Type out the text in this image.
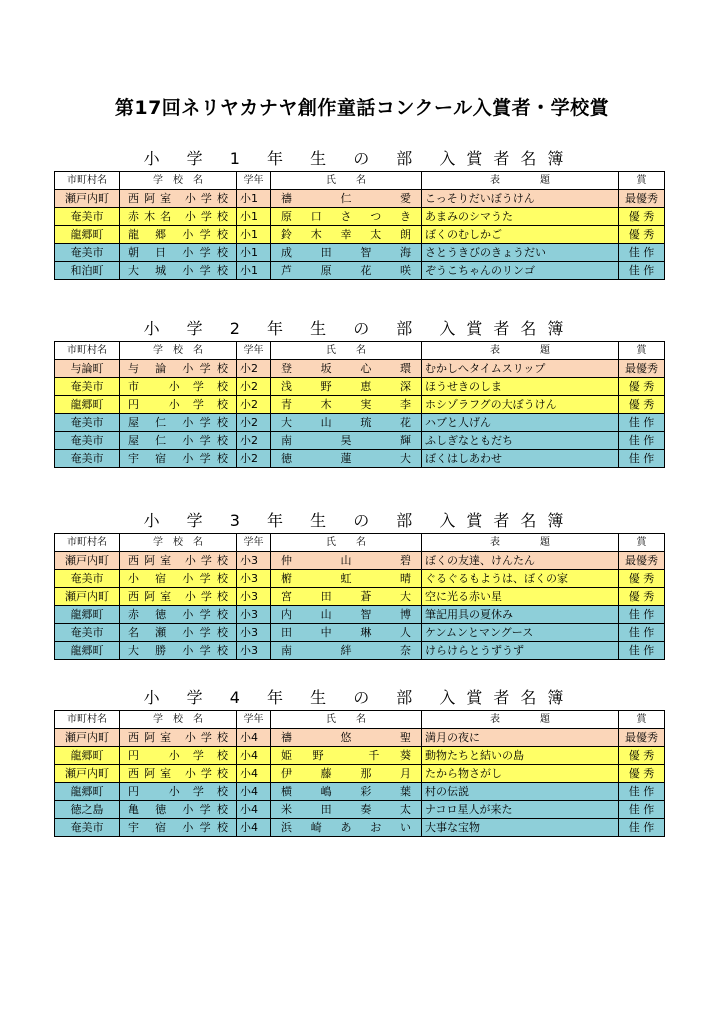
第17回ネリヤカナヤ創作童話コンクール入賞者・学校賞
小 学 1 年 生 の 部 入賞者名簿
市町村名	学　校　名	学年	氏　　名	表　　　　題	賞
瀬戸内町	西阿室 小学校	小1	禱 仁 愛	こっそりだいぼうけん	最優秀
奄美市	赤木名 小学校	小1	原 口 さ つ き	あまみのシマうた	優 秀
龍郷町	龍 郷 小学校	小1	鈴 木 幸 太 朗	ぼくのむしかご	優 秀
奄美市	朝 日 小学校	小1	成 田 智 海	さとうきびのきょうだい	佳 作
和泊町	大 城 小学校	小1	芦 原 花 咲	ぞうこちゃんのリンゴ	佳 作
小 学 2 年 生 の 部 入賞者名簿
市町村名	学　校　名	学年	氏　　名	表　　　　題	賞
与論町	与 論 小学校	小2	登 坂 心 環	むかしへタイムスリップ	最優秀
奄美市	市 小学校	小2	浅 野 恵 深	ほうせきのしま	優 秀
龍郷町	円 小学校	小2	青 木 実 李	ホシゾラフグの大ぼうけん	優 秀
奄美市	屋 仁 小学校	小2	大 山 琉 花	ハブと人げん	佳 作
奄美市	屋 仁 小学校	小2	南 昊 輝	ふしぎなともだち	佳 作
奄美市	宇 宿 小学校	小2	徳 蓮 大	ぼくはしあわせ	佳 作
小 学 3 年 生 の 部 入賞者名簿
市町村名	学　校　名	学年	氏　　名	表　　　　題	賞
瀬戸内町	西阿室 小学校	小3	仲 山 碧	ぼくの友達、けんたん	最優秀
奄美市	小 宿 小学校	小3	椨 虹 晴	ぐるぐるもようは、ぼくの家	優 秀
瀬戸内町	西阿室 小学校	小3	宮 田 蒼 大	空に光る赤い星	優 秀
龍郷町	赤 徳 小学校	小3	内 山 智 博	筆記用具の夏休み	佳 作
奄美市	名 瀬 小学校	小3	田 中 琳 人	ケンムンとマングース	佳 作
龍郷町	大 勝 小学校	小3	南 絆 奈	けらけらとうずうず	佳 作
小 学 4 年 生 の 部 入賞者名簿
市町村名	学　校　名	学年	氏　　名	表　　　　題	賞
瀬戸内町	西阿室 小学校	小4	禱 悠 聖	満月の夜に	最優秀
龍郷町	円 小学校	小4	姫野 千葵	動物たちと結いの島	優 秀
瀬戸内町	西阿室 小学校	小4	伊 藤 那 月	たから物さがし	優 秀
龍郷町	円 小学校	小4	横 嶋 彩 葉	村の伝説	佳 作
徳之島	亀 徳 小学校	小4	米 田 奏 太	ナコロ星人が来た	佳 作
奄美市	宇 宿 小学校	小4	浜 崎 あ お い	大事な宝物	佳 作
